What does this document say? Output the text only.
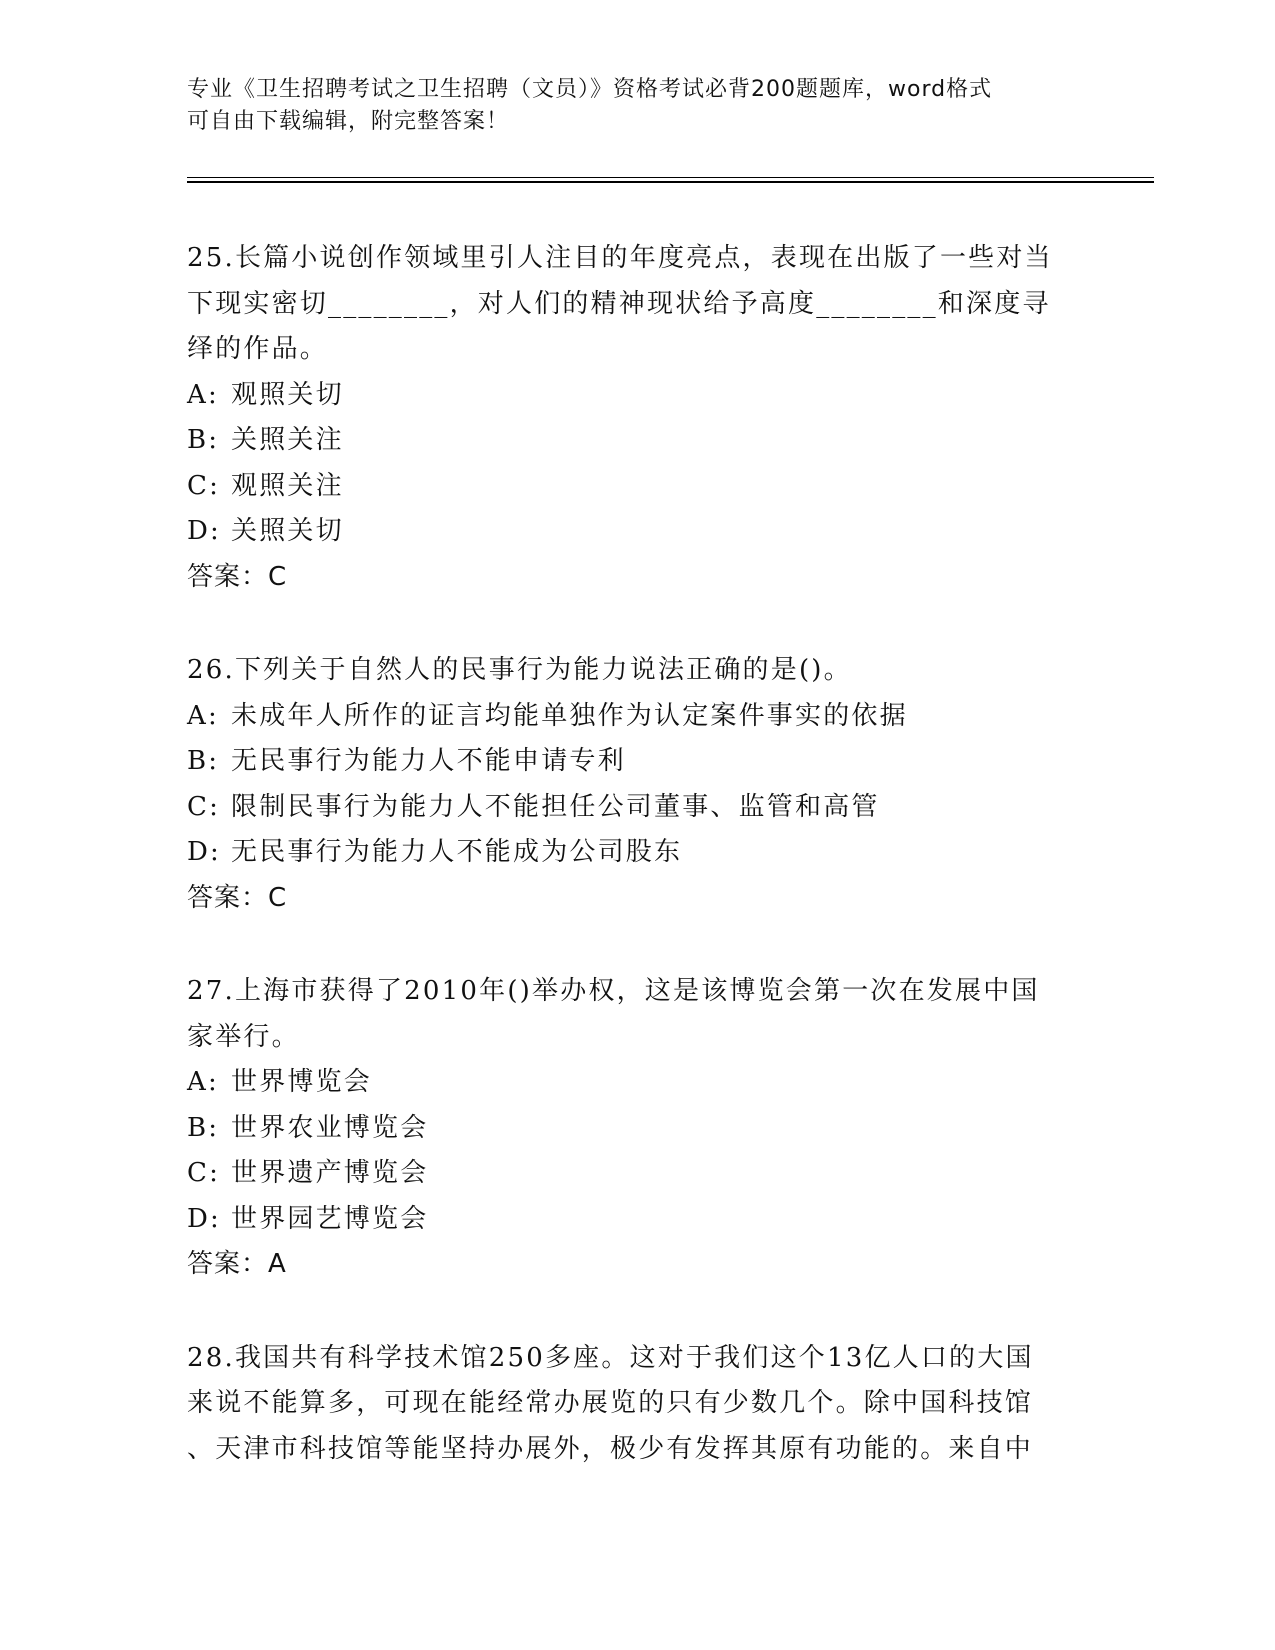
专业《卫生招聘考试之卫生招聘（文员）》资格考试必背200题题库，word格式
可自由下载编辑，附完整答案！
25.长篇小说创作领域里引人注目的年度亮点，表现在出版了一些对当
下现实密切________，对人们的精神现状给予高度________和深度寻
绎的作品。
A: 观照关切
B: 关照关注
C: 观照关注
D: 关照关切
答案：C
26.下列关于自然人的民事行为能力说法正确的是()。
A: 未成年人所作的证言均能单独作为认定案件事实的依据
B: 无民事行为能力人不能申请专利
C: 限制民事行为能力人不能担任公司董事、监管和高管
D: 无民事行为能力人不能成为公司股东
答案：C
27.上海市获得了2010年()举办权，这是该博览会第一次在发展中国
家举行。
A: 世界博览会
B: 世界农业博览会
C: 世界遗产博览会
D: 世界园艺博览会
答案：A
28.我国共有科学技术馆250多座。这对于我们这个13亿人口的大国
来说不能算多，可现在能经常办展览的只有少数几个。除中国科技馆
、天津市科技馆等能坚持办展外，极少有发挥其原有功能的。来自中
